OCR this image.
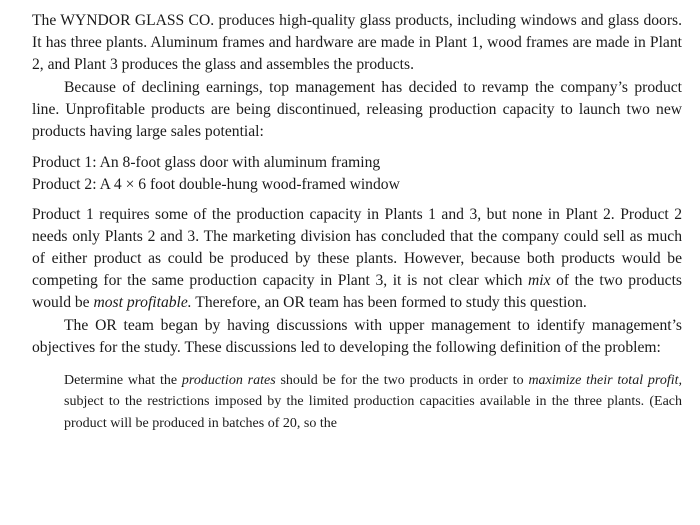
The WYNDOR GLASS CO. produces high-quality glass products, including windows and glass doors. It has three plants. Aluminum frames and hardware are made in Plant 1, wood frames are made in Plant 2, and Plant 3 produces the glass and assembles the products.

Because of declining earnings, top management has decided to revamp the company’s product line. Unprofitable products are being discontinued, releasing production capacity to launch two new products having large sales potential:

Product 1: An 8-foot glass door with aluminum framing
Product 2: A 4 × 6 foot double-hung wood-framed window

Product 1 requires some of the production capacity in Plants 1 and 3, but none in Plant 2. Product 2 needs only Plants 2 and 3. The marketing division has concluded that the company could sell as much of either product as could be produced by these plants. However, because both products would be competing for the same production capacity in Plant 3, it is not clear which mix of the two products would be most profitable. Therefore, an OR team has been formed to study this question.

The OR team began by having discussions with upper management to identify management’s objectives for the study. These discussions led to developing the following definition of the problem:

Determine what the production rates should be for the two products in order to maximize their total profit, subject to the restrictions imposed by the limited production capacities available in the three plants. (Each product will be produced in batches of 20, so the
